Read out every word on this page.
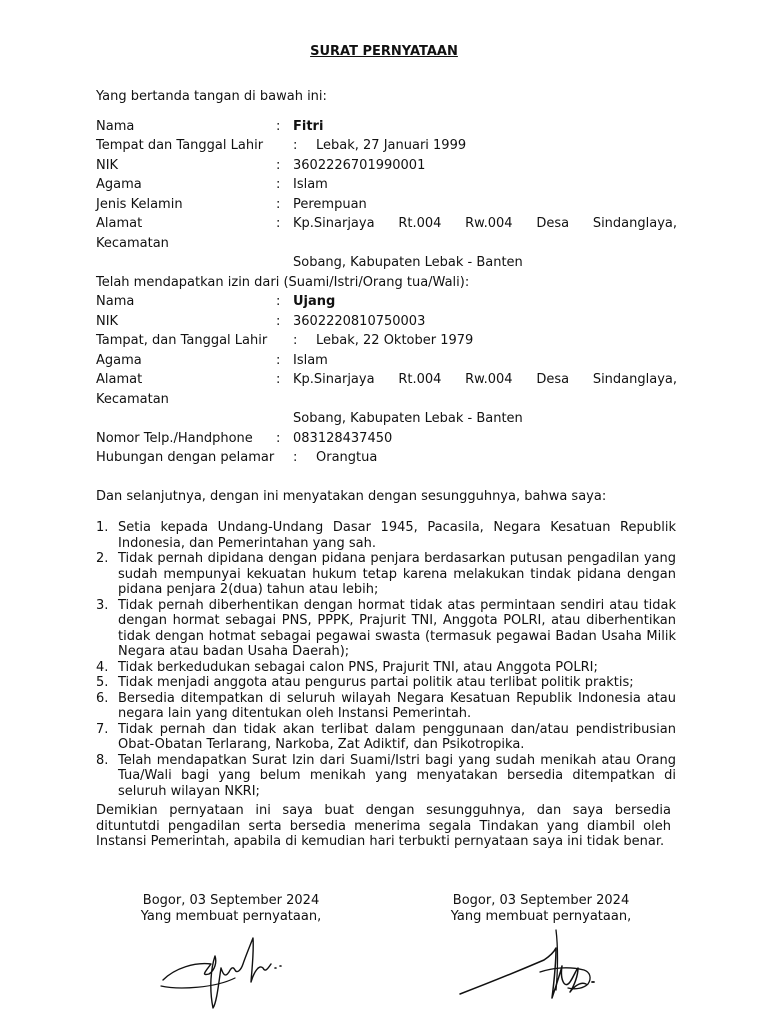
SURAT PERNYATAAN
Yang bertanda tangan di bawah ini:
Nama	: Fitri
Tempat dan Tanggal Lahir : Lebak, 27 Januari 1999
NIK	: 3602226701990001
Agama	: Islam
Jenis Kelamin	: Perempuan
Alamat	: Kp.Sinarjaya Rt.004 Rw.004 Desa Sindanglaya,
Kecamatan
Sobang, Kabupaten Lebak - Banten
Telah mendapatkan izin dari (Suami/Istri/Orang tua/Wali):
Nama	: Ujang
NIK	: 3602220810750003
Tampat, dan Tanggal Lahir : Lebak, 22 Oktober 1979
Agama	: Islam
Alamat	: Kp.Sinarjaya Rt.004 Rw.004 Desa Sindanglaya,
Kecamatan
Sobang, Kabupaten Lebak - Banten
Nomor Telp./Handphone : 083128437450
Hubungan dengan pelamar : Orangtua
Dan selanjutnya, dengan ini menyatakan dengan sesungguhnya, bahwa saya:
1. Setia kepada Undang-Undang Dasar 1945, Pacasila, Negara Kesatuan Republik Indonesia, dan Pemerintahan yang sah.
2. Tidak pernah dipidana dengan pidana penjara berdasarkan putusan pengadilan yang sudah mempunyai kekuatan hukum tetap karena melakukan tindak pidana dengan pidana penjara 2(dua) tahun atau lebih;
3. Tidak pernah diberhentikan dengan hormat tidak atas permintaan sendiri atau tidak dengan hormat sebagai PNS, PPPK, Prajurit TNI, Anggota POLRI, atau diberhentikan tidak dengan hotmat sebagai pegawai swasta (termasuk pegawai Badan Usaha Milik Negara atau badan Usaha Daerah);
4. Tidak berkedudukan sebagai calon PNS, Prajurit TNI, atau Anggota POLRI;
5. Tidak menjadi anggota atau pengurus partai politik atau terlibat politik praktis;
6. Bersedia ditempatkan di seluruh wilayah Negara Kesatuan Republik Indonesia atau negara lain yang ditentukan oleh Instansi Pemerintah.
7. Tidak pernah dan tidak akan terlibat dalam penggunaan dan/atau pendistribusian Obat-Obatan Terlarang, Narkoba, Zat Adiktif, dan Psikotropika.
8. Telah mendapatkan Surat Izin dari Suami/Istri bagi yang sudah menikah atau Orang Tua/Wali bagi yang belum menikah yang menyatakan bersedia ditempatkan di seluruh wilayan NKRI;
Demikian pernyataan ini saya buat dengan sesungguhnya, dan saya bersedia dituntutdi pengadilan serta bersedia menerima segala Tindakan yang diambil oleh Instansi Pemerintah, apabila di kemudian hari terbukti pernyataan saya ini tidak benar.
Bogor, 03 September 2024
Yang membuat pernyataan,
Bogor, 03 September 2024
Yang membuat pernyataan,
